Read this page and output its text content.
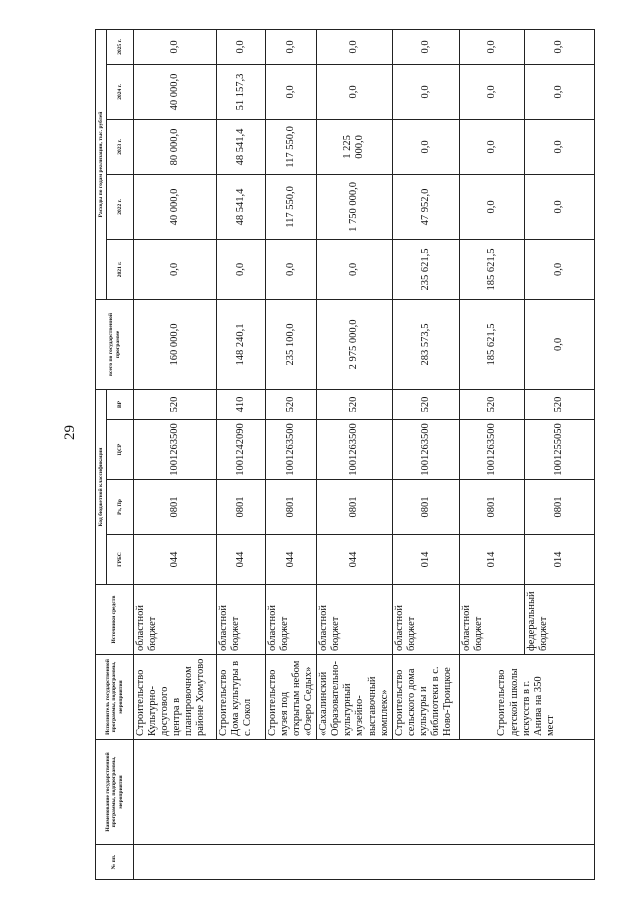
29
№ пп.	Наименование государственной программы, подпрограммы, мероприятия	Исполнитель государственной программы, подпрограммы, мероприятия	Источники средств	Код бюджетной классификации				всего по государственной программе	Расходы по годам реализации, тыс. рублей				
				ГРБС	Рз, Пр	ЦСР	ВР		2021 г.	2022 г.	2023 г.	2024 г.	2025 г.
		Строительство Культурно-досугового центра в планировочном районе Хомутово	областной бюджет	044	0801	1001263500	520	160 000,0	0,0	40 000,0	80 000,0	40 000,0	0,0
		Строительство Дома культуры в с. Сокол	областной бюджет	044	0801	1001242090	410	148 240,1	0,0	48 541,4	48 541,4	51 157,3	0,0
		Строительство музея под открытым небом «Озеро Седых»	областной бюджет	044	0801	1001263500	520	235 100,0	0,0	117 550,0	117 550,0	0,0	0,0
		«Сахалинский Образовательно-культурный музейно-выставочный комплекс»	областной бюджет	044	0801	1001263500	520	2 975 000,0	0,0	1 750 000,0	1 225 000,0	0,0	0,0
		Строительство сельского дома культуры и библиотеки в с. Ново-Троицкое	областной бюджет	014	0801	1001263500	520	283 573,5	235 621,5	47 952,0	0,0	0,0	0,0
		Строительство детской школы искусств в г. Анива на 350 мест	областной бюджет	014	0801	1001263500	520	185 621,5	185 621,5	0,0	0,0	0,0	0,0
			федеральный бюджет	014	0801	1001255050	520	0,0	0,0	0,0	0,0	0,0	0,0
